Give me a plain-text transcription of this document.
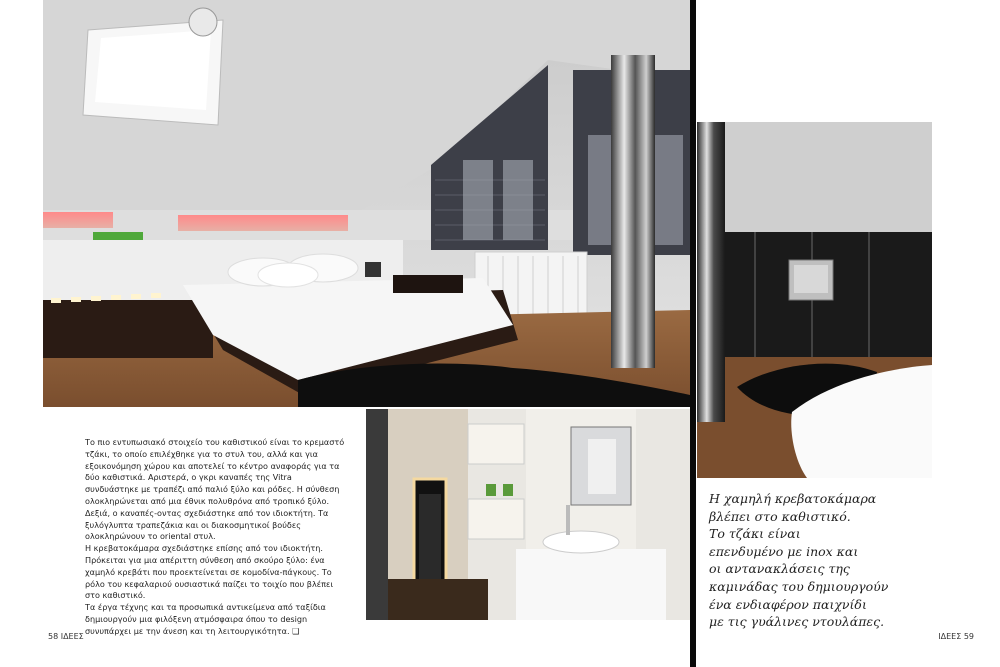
Το πιο εντυπωσιακό στοιχείο του καθιστικού είναι το κρεμαστό τζάκι, το οποίο επιλέχθηκε για το στυλ του, αλλά και για εξοικονόμηση χώρου και αποτελεί το κέντρο αναφοράς για τα δύο καθιστικά. Αριστερά, ο γκρι καναπές της Vitra συνδυάστηκε με τραπέζι από παλιό ξύλο και ρόδες. Η σύνθεση ολοκληρώνεται από μια έθνικ πολυθρόνα από τροπικό ξύλο. Δεξιά, ο καναπές-οντας σχεδιάστηκε από τον ιδιοκτήτη. Τα ξυλόγλυπτα τραπεζάκια και οι διακοσμητικοί βούδες ολοκληρώνουν το oriental στυλ.

Η κρεβατοκάμαρα σχεδιάστηκε επίσης από τον ιδιοκτήτη. Πρόκειται για μια απέριττη σύνθεση από σκούρο ξύλο: ένα χαμηλό κρεβάτι που προεκτείνεται σε κομοδίνα-πάγκους. Το ρόλο του κεφαλαριού ουσιαστικά παίζει το τοιχίο που βλέπει στο καθιστικό.

Τα έργα τέχνης και τα προσωπικά αντικείμενα από ταξίδια δημιουργούν μια φιλόξενη ατμόσφαιρα όπου το design συνυπάρχει με την άνεση και τη λειτουργικότητα. ❑

Η χαμηλή κρεβατοκάμαρα
βλέπει στο καθιστικό.
Το τζάκι είναι
επενδυμένο με inox και
οι αντανακλάσεις της
καμινάδας του δημιουργούν
ένα ενδιαφέρον παιχνίδι
με τις γυάλινες ντουλάπες.
58 ΙΔΕΕΣ	ΙΔΕΕΣ 59
